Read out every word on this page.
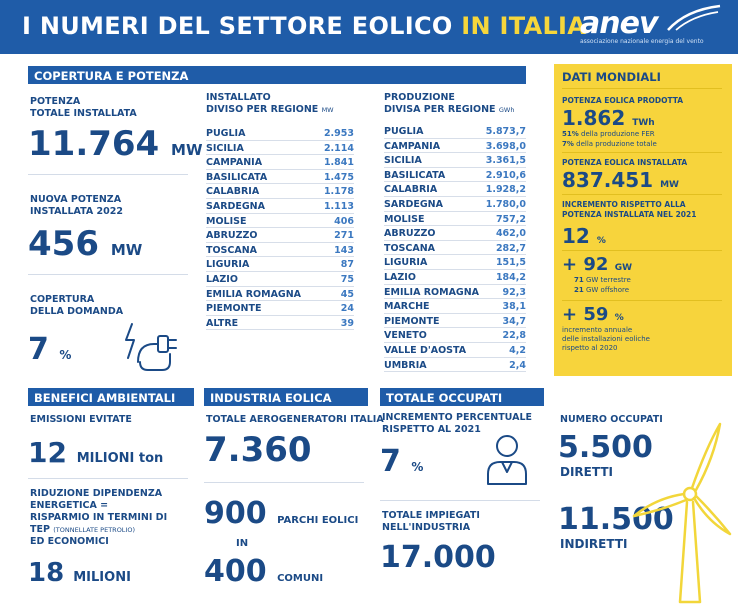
I NUMERI DEL SETTORE EOLICO IN ITALIA
anev
associazione nazionale energia del vento
COPERTURA E POTENZA
POTENZA
TOTALE INSTALLATA
11.764 MW
NUOVA POTENZA
INSTALLATA 2022
456 MW
COPERTURA
DELLA DOMANDA
7 %
INSTALLATO
DIVISO PER REGIONE MW
PUGLIA	2.953
SICILIA	2.114
CAMPANIA	1.841
BASILICATA	1.475
CALABRIA	1.178
SARDEGNA	1.113
MOLISE	406
ABRUZZO	271
TOSCANA	143
LIGURIA	87
LAZIO	75
EMILIA ROMAGNA	45
PIEMONTE	24
ALTRE	39
PRODUZIONE
DIVISA PER REGIONE GWh
PUGLIA	5.873,7
CAMPANIA	3.698,0
SICILIA	3.361,5
BASILICATA	2.910,6
CALABRIA	1.928,2
SARDEGNA	1.780,0
MOLISE	757,2
ABRUZZO	462,0
TOSCANA	282,7
LIGURIA	151,5
LAZIO	184,2
EMILIA ROMAGNA 92,3
MARCHE	38,1
PIEMONTE	34,7
VENETO	22,8
VALLE D'AOSTA	4,2
UMBRIA	2,4
DATI MONDIALI
POTENZA EOLICA PRODOTTA
1.862 TWh
51% della produzione FER
7% della produzione totale
POTENZA EOLICA INSTALLATA
837.451 MW
INCREMENTO RISPETTO ALLA
POTENZA INSTALLATA NEL 2021
12 %
+ 92 GW
71 GW terrestre
21 GW offshore
+ 59 %
incremento annuale
delle installazioni eoliche
rispetto al 2020
BENEFICI AMBIENTALI
EMISSIONI EVITATE
12 MILIONI ton
RIDUZIONE DIPENDENZA
ENERGETICA =
RISPARMIO IN TERMINI DI
TEP (TONNELLATE PETROLIO)
ED ECONOMICI
18 MILIONI
INDUSTRIA EOLICA
TOTALE AEROGENERATORI ITALIA
7.360
900 PARCHI EOLICI
IN
400 COMUNI
TOTALE OCCUPATI
INCREMENTO PERCENTUALE
RISPETTO AL 2021
7 %
TOTALE IMPIEGATI
NELL'INDUSTRIA
17.000
NUMERO OCCUPATI
5.500
DIRETTI
11.500
INDIRETTI
